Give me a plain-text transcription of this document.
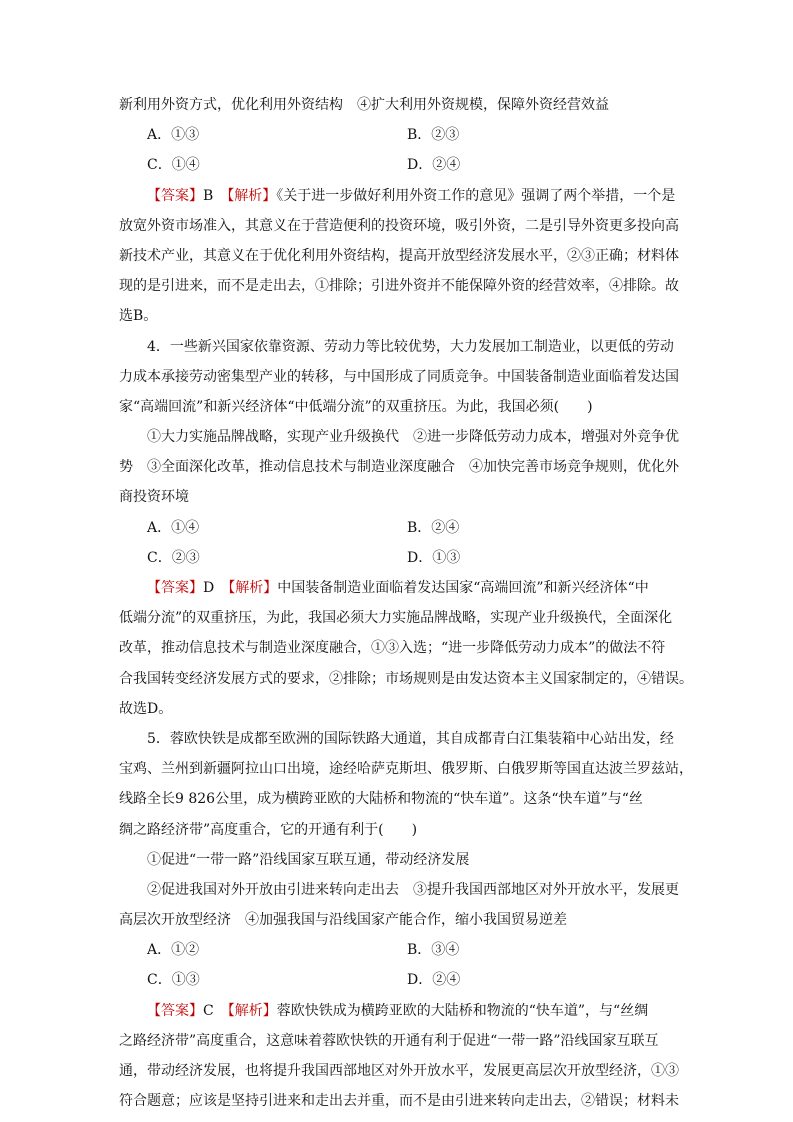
新利用外资方式，优化利用外资结构　④扩大利用外资规模，保障外资经营效益
A．①③	B．②③
C．①④	D．②④
【答案】B　【解析】《关于进一步做好利用外资工作的意见》强调了两个举措，一个是
放宽外资市场准入，其意义在于营造便利的投资环境，吸引外资，二是引导外资更多投向高
新技术产业，其意义在于优化利用外资结构，提高开放型经济发展水平，②③正确；材料体
现的是引进来，而不是走出去，①排除；引进外资并不能保障外资的经营效率，④排除。故
选B。
4．一些新兴国家依靠资源、劳动力等比较优势，大力发展加工制造业，以更低的劳动
力成本承接劳动密集型产业的转移，与中国形成了同质竞争。中国装备制造业面临着发达国
家“高端回流”和新兴经济体“中低端分流”的双重挤压。为此，我国必须(　　)
①大力实施品牌战略，实现产业升级换代　②进一步降低劳动力成本，增强对外竞争优
势　③全面深化改革，推动信息技术与制造业深度融合　④加快完善市场竞争规则，优化外
商投资环境
A．①④	B．②④
C．②③	D．①③
【答案】D　【解析】中国装备制造业面临着发达国家“高端回流”和新兴经济体“中
低端分流”的双重挤压，为此，我国必须大力实施品牌战略，实现产业升级换代，全面深化
改革，推动信息技术与制造业深度融合，①③入选；“进一步降低劳动力成本”的做法不符
合我国转变经济发展方式的要求，②排除；市场规则是由发达资本主义国家制定的，④错误。
故选D。
5．蓉欧快铁是成都至欧洲的国际铁路大通道，其自成都青白江集装箱中心站出发，经
宝鸡、兰州到新疆阿拉山口出境，途经哈萨克斯坦、俄罗斯、白俄罗斯等国直达波兰罗兹站，
线路全长9 826公里，成为横跨亚欧的大陆桥和物流的“快车道”。这条“快车道”与“丝
绸之路经济带”高度重合，它的开通有利于(　　)
①促进“一带一路”沿线国家互联互通，带动经济发展
②促进我国对外开放由引进来转向走出去　③提升我国西部地区对外开放水平，发展更
高层次开放型经济　④加强我国与沿线国家产能合作，缩小我国贸易逆差
A．①②	B．③④
C．①③	D．②④
【答案】C　【解析】蓉欧快铁成为横跨亚欧的大陆桥和物流的“快车道”，与“丝绸
之路经济带”高度重合，这意味着蓉欧快铁的开通有利于促进“一带一路”沿线国家互联互
通，带动经济发展，也将提升我国西部地区对外开放水平，发展更高层次开放型经济，①③
符合题意；应该是坚持引进来和走出去并重，而不是由引进来转向走出去，②错误；材料未
